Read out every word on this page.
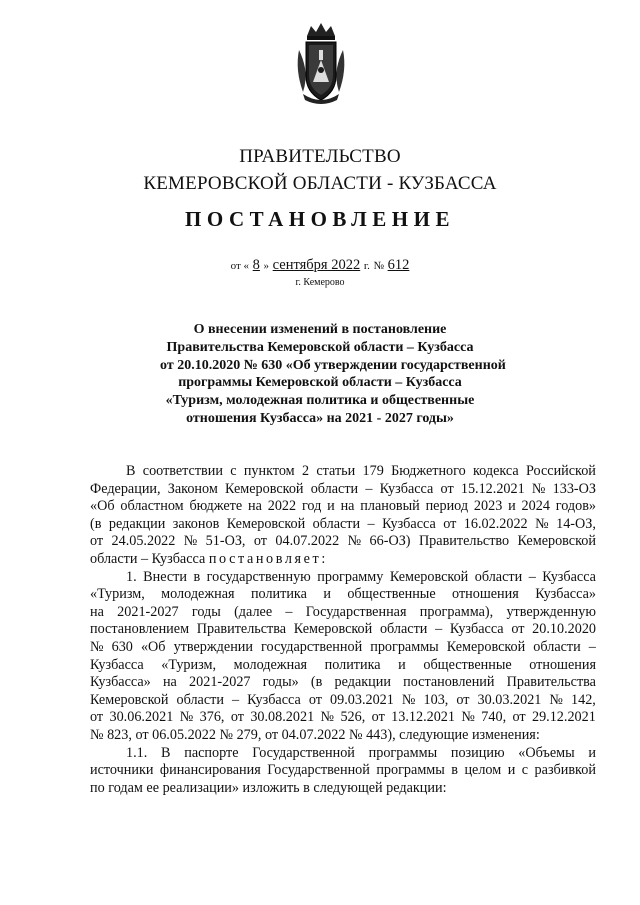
ПРАВИТЕЛЬСТВО
КЕМЕРОВСКОЙ ОБЛАСТИ - КУЗБАССА
ПОСТАНОВЛЕНИЕ
от « 8 » сентября 2022 г. № 612
г. Кемерово
О внесении изменений в постановление
Правительства Кемеровской области – Кузбасса
от 20.10.2020 № 630 «Об утверждении государственной
программы Кемеровской области – Кузбасса
«Туризм, молодежная политика и общественные
отношения Кузбасса» на 2021 - 2027 годы»
В соответствии с пунктом 2 статьи 179 Бюджетного кодекса Российской
Федерации, Законом Кемеровской области – Кузбасса от 15.12.2021 № 133-ОЗ
«Об областном бюджете на 2022 год и на плановый период 2023 и 2024 годов»
(в редакции законов Кемеровской области – Кузбасса от 16.02.2022 № 14-ОЗ,
от 24.05.2022 № 51-ОЗ, от 04.07.2022 № 66-ОЗ) Правительство Кемеровской
области – Кузбасса
постановляет:
1. Внести в государственную программу Кемеровской области – Кузбасса
«Туризм, молодежная политика и общественные отношения Кузбасса»
на 2021-2027 годы (далее – Государственная программа), утвержденную
постановлением Правительства Кемеровской области – Кузбасса от 20.10.2020
№ 630 «Об утверждении государственной программы Кемеровской области –
Кузбасса «Туризм, молодежная политика и общественные отношения
Кузбасса» на 2021-2027 годы» (в редакции постановлений Правительства
Кемеровской области – Кузбасса от 09.03.2021 № 103, от 30.03.2021 № 142,
от 30.06.2021 № 376, от 30.08.2021 № 526, от 13.12.2021 № 740, от 29.12.2021
№ 823, от 06.05.2022 № 279, от 04.07.2022 № 443), следующие изменения:
1.1. В паспорте Государственной программы позицию «Объемы и
источники финансирования Государственной программы в целом и с разбивкой
по годам ее реализации» изложить в следующей редакции:
